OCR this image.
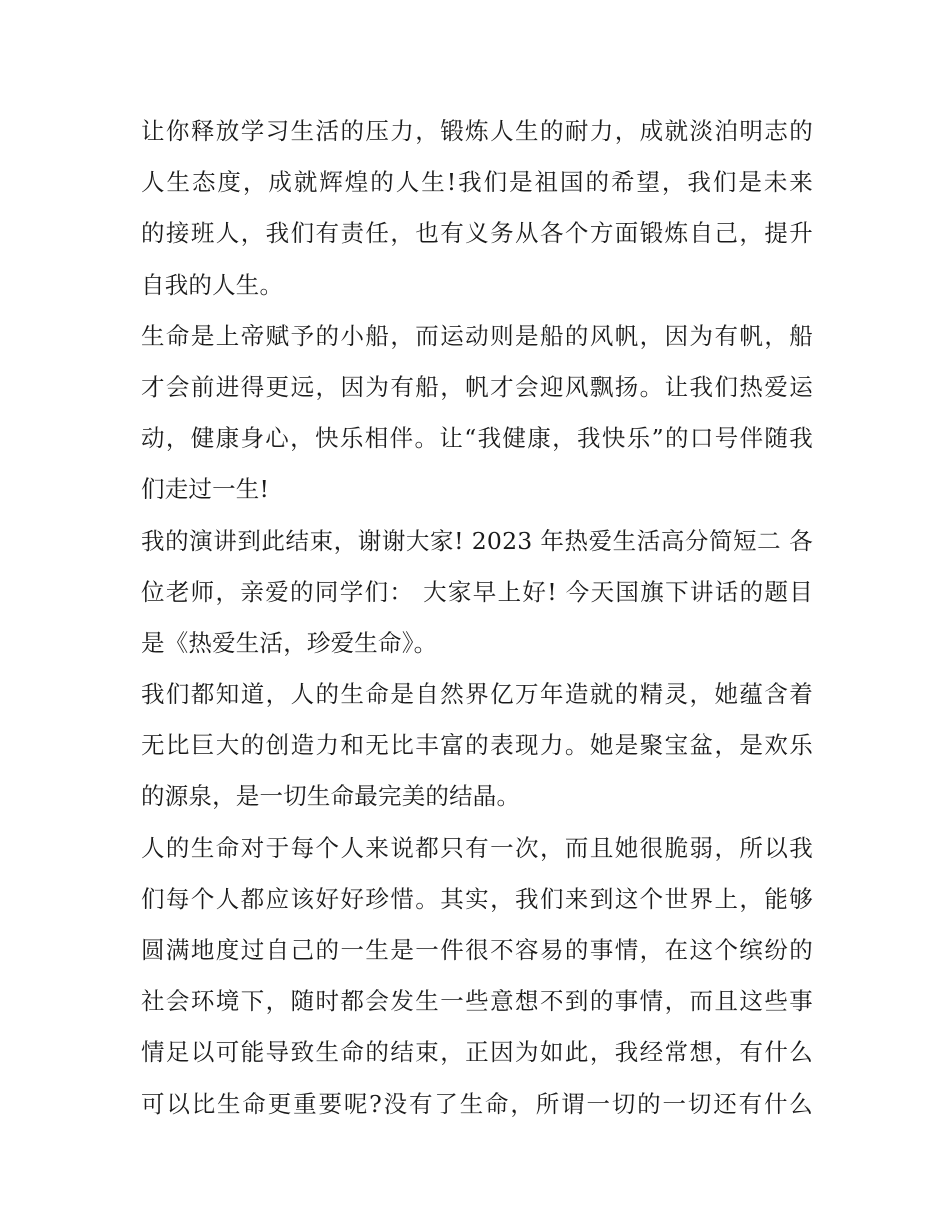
让你释放学习生活的压力，锻炼人生的耐力，成就淡泊明志的
人生态度，成就辉煌的人生!我们是祖国的希望，我们是未来
的接班人，我们有责任，也有义务从各个方面锻炼自己，提升
自我的人生。
生命是上帝赋予的小船，而运动则是船的风帆，因为有帆，船
才会前进得更远，因为有船，帆才会迎风飘扬。让我们热爱运
动，健康身心，快乐相伴。让“我健康，我快乐”的口号伴随我
们走过一生!
我的演讲到此结束，谢谢大家! 2023 年热爱生活高分简短二 各
位老师，亲爱的同学们： 大家早上好! 今天国旗下讲话的题目
是《热爱生活，珍爱生命》。
我们都知道，人的生命是自然界亿万年造就的精灵，她蕴含着
无比巨大的创造力和无比丰富的表现力。她是聚宝盆，是欢乐
的源泉，是一切生命最完美的结晶。
人的生命对于每个人来说都只有一次，而且她很脆弱，所以我
们每个人都应该好好珍惜。其实，我们来到这个世界上，能够
圆满地度过自己的一生是一件很不容易的事情，在这个缤纷的
社会环境下，随时都会发生一些意想不到的事情，而且这些事
情足以可能导致生命的结束，正因为如此，我经常想，有什么
可以比生命更重要呢?没有了生命，所谓一切的一切还有什么
